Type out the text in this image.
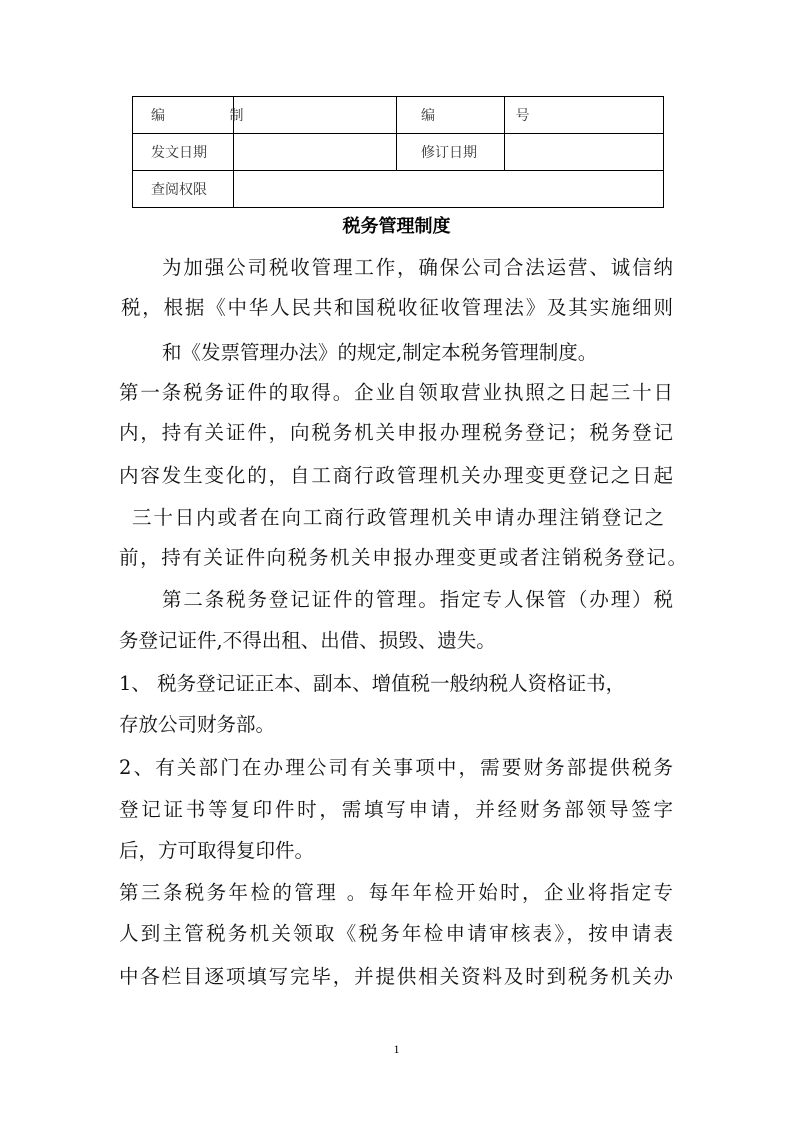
编 制		编 号	
发文日期		修订日期	
查阅权限			
税务管理制度
为加强公司税收管理工作，确保公司合法运营、诚信纳
税，根据《中华人民共和国税收征收管理法》及其实施细则
和《发票管理办法》的规定,制定本税务管理制度。
第一条税务证件的取得。企业自领取营业执照之日起三十日
内，持有关证件，向税务机关申报办理税务登记；税务登记
内容发生变化的，自工商行政管理机关办理变更登记之日起
三十日内或者在向工商行政管理机关申请办理注销登记之
前，持有关证件向税务机关申报办理变更或者注销税务登记。
第二条税务登记证件的管理。指定专人保管（办理）税
务登记证件,不得出租、出借、损毁、遗失。
1、 税务登记证正本、副本、增值税一般纳税人资格证书，
存放公司财务部。
2、有关部门在办理公司有关事项中，需要财务部提供税务
登记证书等复印件时，需填写申请，并经财务部领导签字
后，方可取得复印件。
第三条税务年检的管理 。每年年检开始时，企业将指定专
人到主管税务机关领取《税务年检申请审核表》，按申请表
中各栏目逐项填写完毕，并提供相关资料及时到税务机关办
1
